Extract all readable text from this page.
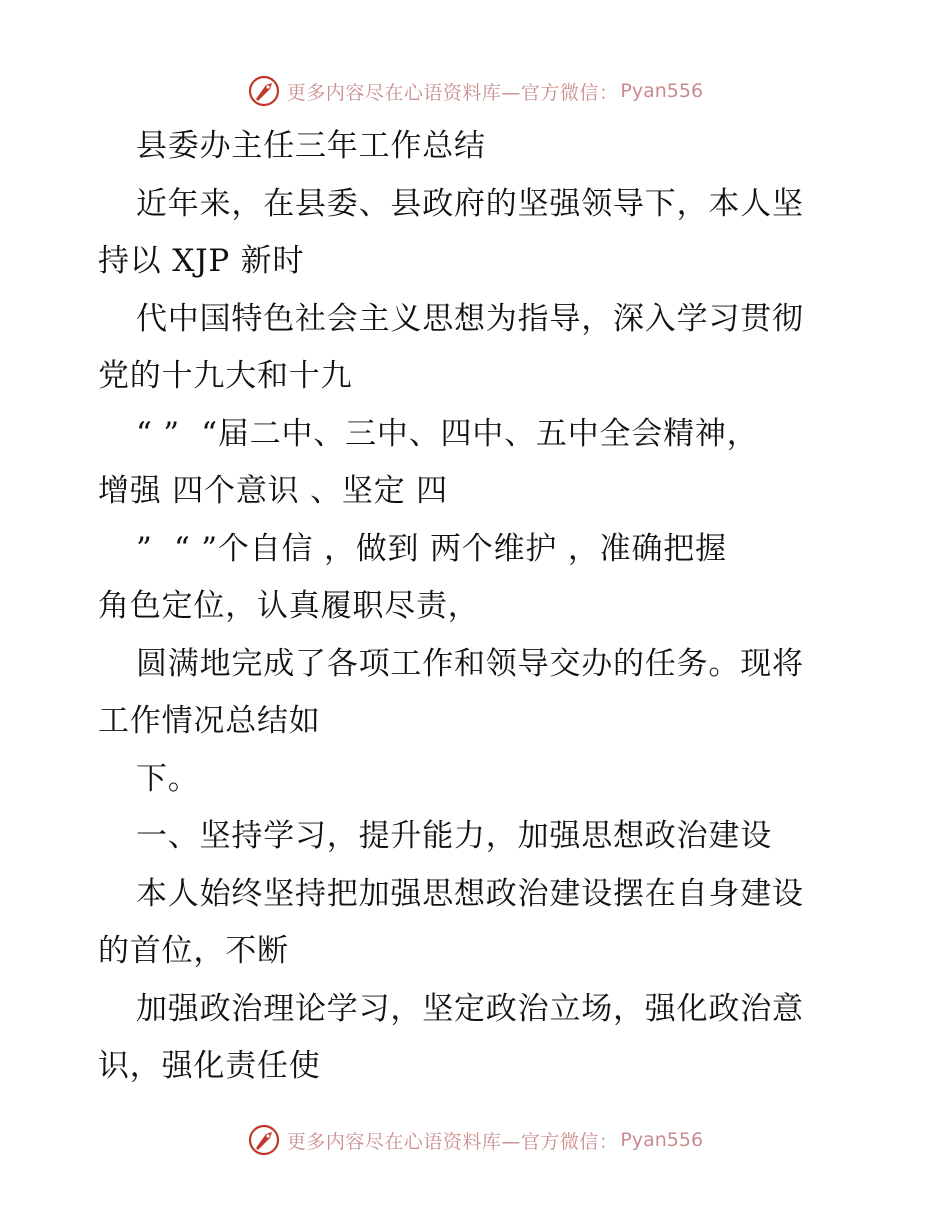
更多内容尽在心语资料库—官方微信： Pyan556
县委办主任三年工作总结
近年来，在县委、县政府的坚强领导下，本人坚
持以 XJP 新时
代中国特色社会主义思想为指导，深入学习贯彻
党的十九大和十九
“ ”  “届二中、三中、四中、五中全会精神，
增强 四个意识 、坚定 四
”  “ ”个自信 ，做到 两个维护 ，准确把握
角色定位，认真履职尽责，
圆满地完成了各项工作和领导交办的任务。现将
工作情况总结如
下。
一、坚持学习，提升能力，加强思想政治建设
本人始终坚持把加强思想政治建设摆在自身建设
的首位，不断
加强政治理论学习，坚定政治立场，强化政治意
识，强化责任使
更多内容尽在心语资料库—官方微信： Pyan556
